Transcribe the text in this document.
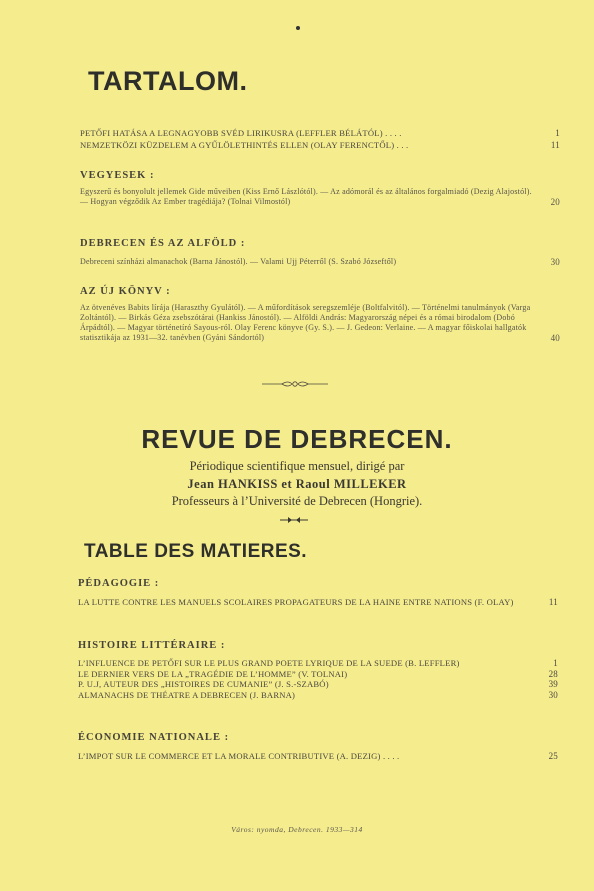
TARTALOM.
PETŐFI HATÁSA A LEGNAGYOBB SVÉD LIRIKUSRA (LEFFLER BÉLÁTÓL) . . . .	1
NEMZETKÖZI KÜZDELEM A GYŰLÖLETHINTÉS ELLEN (OLAY FERENCTŐL) . . .	11
VEGYESEK :
Egyszerű és bonyolult jellemek Gide műveiben (Kiss Ernő Lászlótól). — Az adómorál és az általános forgalmiadó (Dezig Alajostól). — Hogyan végződik Az Ember tragédiája? (Tolnai Vilmostól)	20
DEBRECEN ÉS AZ ALFÖLD :
Debreceni színházi almanachok (Barna Jánostól). — Valami Ujj Péterről (S. Szabó Józseftől)	30
AZ ÚJ KÖNYV :
Az ötvenéves Babits lírája (Haraszthy Gyulától). — A műfordítások seregszemléje (Boltfalvitól). — Történelmi tanulmányok (Varga Zoltántól). — Birkás Géza zsebszótárai (Hankiss Jánostól). — Alföldi András: Magyarország népei és a római birodalom (Dobó Árpádtól). — Magyar történetíró Sayous-ról. Olay Ferenc könyve (Gy. S.). — J. Gedeon: Verlaine. — A magyar főiskolai hallgatók statisztikája az 1931—32. tanévben (Gyáni Sándortól)	40
REVUE DE DEBRECEN.
Périodique scientifique mensuel, dirigé par
Jean HANKISS et Raoul MILLEKER
Professeurs à l’Université de Debrecen (Hongrie).
TABLE DES MATIERES.
PÉDAGOGIE :
LA LUTTE CONTRE LES MANUELS SCOLAIRES PROPAGATEURS DE LA HAINE ENTRE NATIONS (F. OLAY)	11
HISTOIRE LITTÉRAIRE :
L’INFLUENCE DE PETŐFI SUR LE PLUS GRAND POETE LYRIQUE DE LA SUEDE (B. LEFFLER)	1
LE DERNIER VERS DE LA „TRAGÉDIE DE L’HOMME” (V. TOLNAI)	28
P. U.J, AUTEUR DES „HISTOIRES DE CUMANIE” (J. S.-SZABÓ)	39
ALMANACHS DE THÉATRE A DEBRECEN (J. BARNA)	30
ÉCONOMIE NATIONALE :
L’IMPOT SUR LE COMMERCE ET LA MORALE CONTRIBUTIVE (A. DEZIG) . . . .	25
Város: nyomda, Debrecen. 1933—314
